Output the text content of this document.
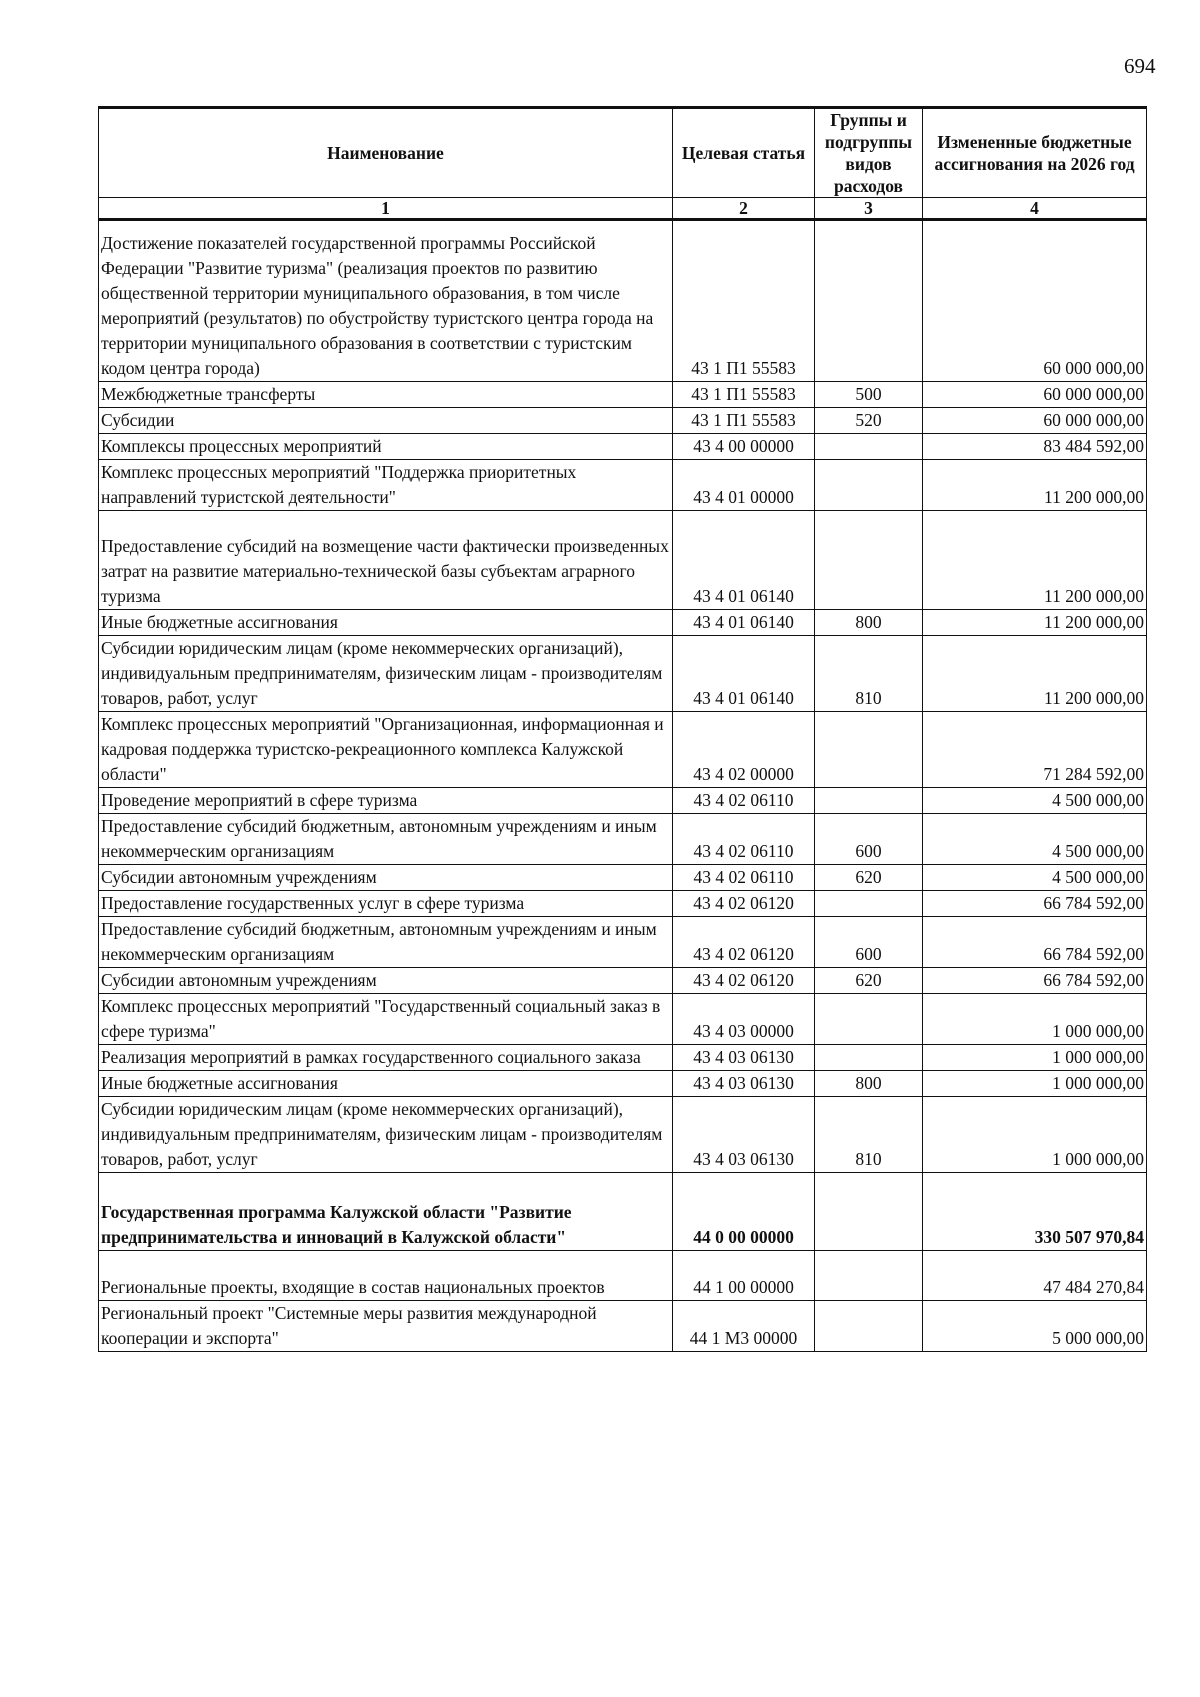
694
Наименование	Целевая статья	Группы и подгруппы видов расходов	Измененные бюджетные ассигнования на 2026 год
1	2	3	4
Достижение показателей государственной программы Российской Федерации "Развитие туризма" (реализация проектов по развитию общественной территории муниципального образования, в том числе мероприятий (результатов) по обустройству туристского центра города на территории муниципального образования в соответствии с туристским кодом центра города)	43 1 П1 55583		60 000 000,00
Межбюджетные трансферты	43 1 П1 55583	500	60 000 000,00
Субсидии	43 1 П1 55583	520	60 000 000,00
Комплексы процессных мероприятий	43 4 00 00000		83 484 592,00
Комплекс процессных мероприятий "Поддержка приоритетных направлений туристской деятельности"	43 4 01 00000		11 200 000,00
Предоставление субсидий на возмещение части фактически произведенных затрат на развитие материально-технической базы субъектам аграрного туризма	43 4 01 06140		11 200 000,00
Иные бюджетные ассигнования	43 4 01 06140	800	11 200 000,00
Субсидии юридическим лицам (кроме некоммерческих организаций), индивидуальным предпринимателям, физическим лицам - производителям товаров, работ, услуг	43 4 01 06140	810	11 200 000,00
Комплекс процессных мероприятий "Организационная, информационная и кадровая поддержка туристско-рекреационного комплекса Калужской области"	43 4 02 00000		71 284 592,00
Проведение мероприятий в сфере туризма	43 4 02 06110		4 500 000,00
Предоставление субсидий бюджетным, автономным учреждениям и иным некоммерческим организациям	43 4 02 06110	600	4 500 000,00
Субсидии автономным учреждениям	43 4 02 06110	620	4 500 000,00
Предоставление государственных услуг в сфере туризма	43 4 02 06120		66 784 592,00
Предоставление субсидий бюджетным, автономным учреждениям и иным некоммерческим организациям	43 4 02 06120	600	66 784 592,00
Субсидии автономным учреждениям	43 4 02 06120	620	66 784 592,00
Комплекс процессных мероприятий "Государственный социальный заказ в сфере туризма"	43 4 03 00000		1 000 000,00
Реализация мероприятий в рамках государственного социального заказа	43 4 03 06130		1 000 000,00
Иные бюджетные ассигнования	43 4 03 06130	800	1 000 000,00
Субсидии юридическим лицам (кроме некоммерческих организаций), индивидуальным предпринимателям, физическим лицам - производителям товаров, работ, услуг	43 4 03 06130	810	1 000 000,00
Государственная программа Калужской области "Развитие предпринимательства и инноваций в Калужской области"	44 0 00 00000		330 507 970,84
Региональные проекты, входящие в состав национальных проектов	44 1 00 00000		47 484 270,84
Региональный проект "Системные меры развития международной кооперации и экспорта"	44 1 М3 00000		5 000 000,00
